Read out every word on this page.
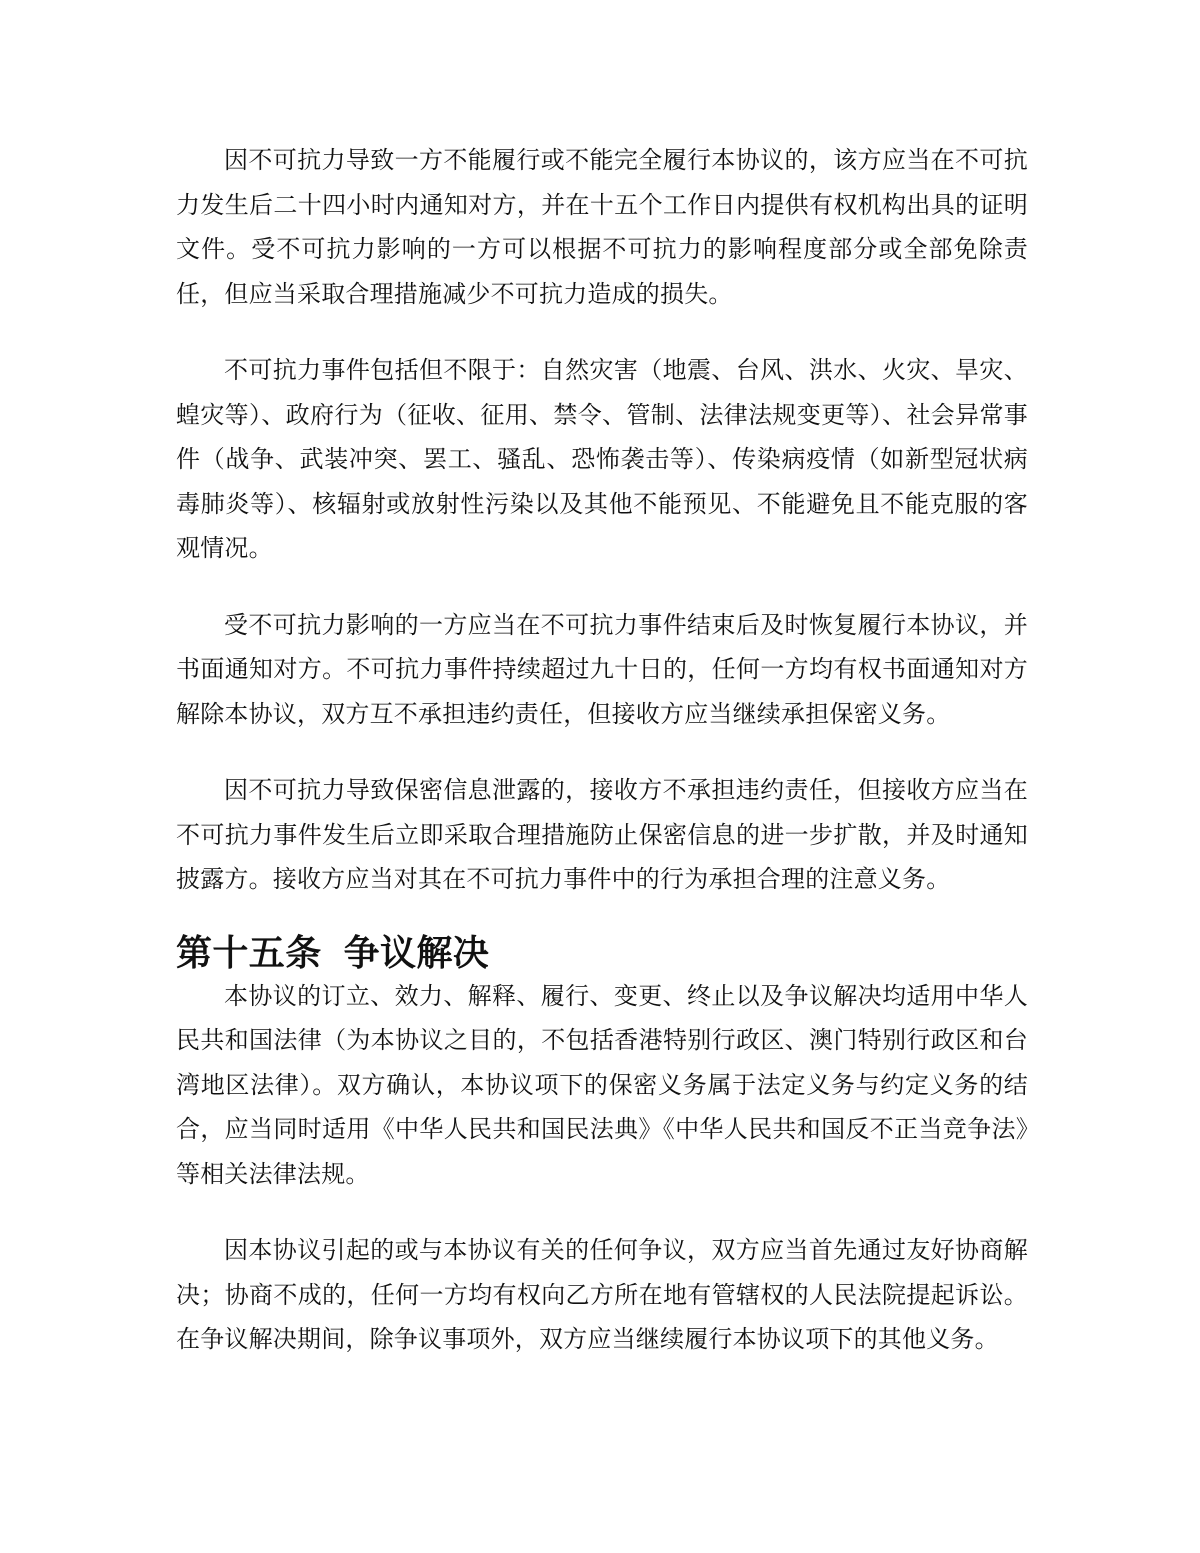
因不可抗力导致一方不能履行或不能完全履行本协议的，该方应当在不可抗力发生后二十四小时内通知对方，并在十五个工作日内提供有权机构出具的证明文件。受不可抗力影响的一方可以根据不可抗力的影响程度部分或全部免除责任，但应当采取合理措施减少不可抗力造成的损失。

不可抗力事件包括但不限于：自然灾害（地震、台风、洪水、火灾、旱灾、蝗灾等）、政府行为（征收、征用、禁令、管制、法律法规变更等）、社会异常事件（战争、武装冲突、罢工、骚乱、恐怖袭击等）、传染病疫情（如新型冠状病毒肺炎等）、核辐射或放射性污染以及其他不能预见、不能避免且不能克服的客观情况。

受不可抗力影响的一方应当在不可抗力事件结束后及时恢复履行本协议，并书面通知对方。不可抗力事件持续超过九十日的，任何一方均有权书面通知对方解除本协议，双方互不承担违约责任，但接收方应当继续承担保密义务。

因不可抗力导致保密信息泄露的，接收方不承担违约责任，但接收方应当在不可抗力事件发生后立即采取合理措施防止保密信息的进一步扩散，并及时通知披露方。接收方应当对其在不可抗力事件中的行为承担合理的注意义务。

第十五条 争议解决

本协议的订立、效力、解释、履行、变更、终止以及争议解决均适用中华人民共和国法律（为本协议之目的，不包括香港特别行政区、澳门特别行政区和台湾地区法律）。双方确认，本协议项下的保密义务属于法定义务与约定义务的结合，应当同时适用《中华人民共和国民法典》《中华人民共和国反不正当竞争法》等相关法律法规。

因本协议引起的或与本协议有关的任何争议，双方应当首先通过友好协商解决；协商不成的，任何一方均有权向乙方所在地有管辖权的人民法院提起诉讼。在争议解决期间，除争议事项外，双方应当继续履行本协议项下的其他义务。
